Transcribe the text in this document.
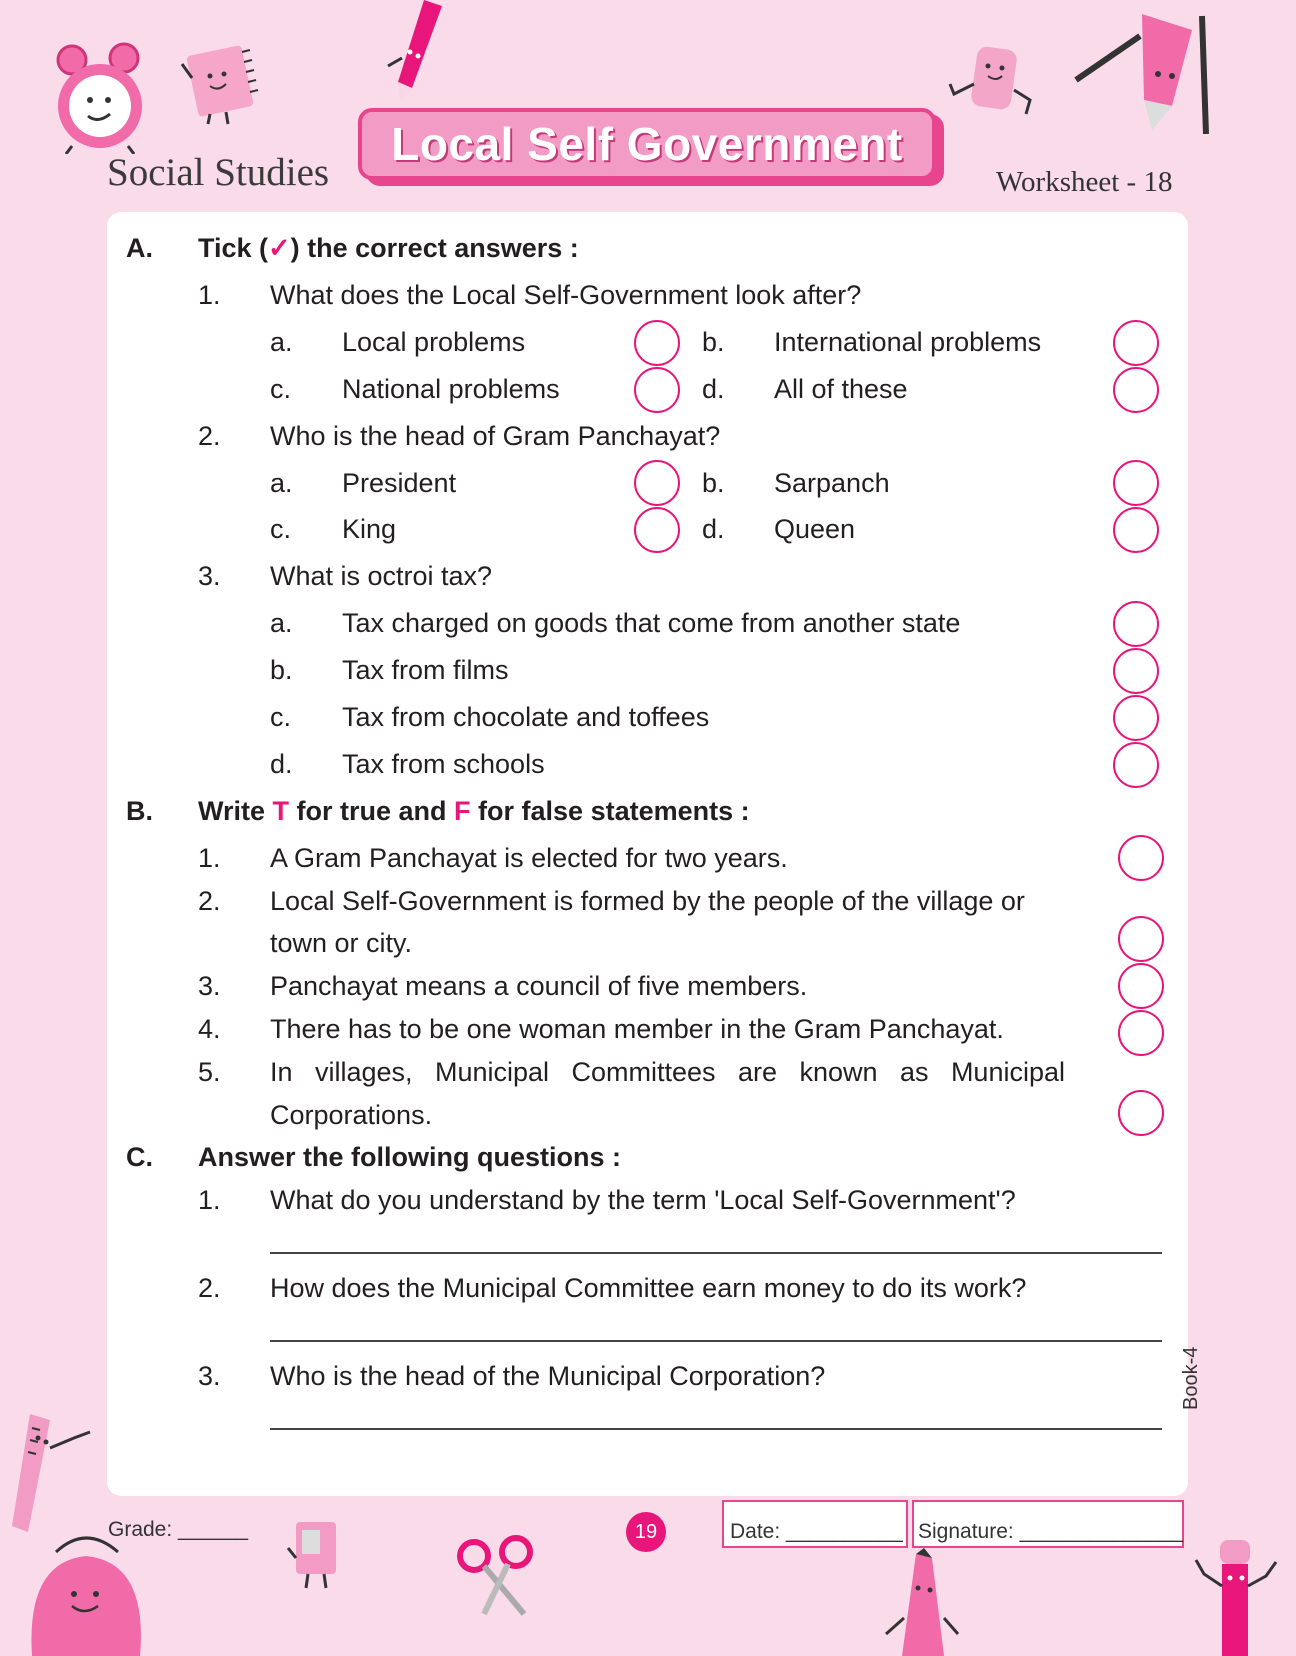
Social Studies
Local Self Government
Worksheet - 18
A. Tick (✓) the correct answers :
1. What does the Local Self-Government look after?
a. Local problems	b. International problems
c. National problems	d. All of these
2. Who is the head of Gram Panchayat?
a. President	b. Sarpanch
c. King	d. Queen
3. What is octroi tax?
a. Tax charged on goods that come from another state
b. Tax from films
c. Tax from chocolate and toffees
d. Tax from schools
B. Write T for true and F for false statements :
1. A Gram Panchayat is elected for two years.
2. Local Self-Government is formed by the people of the village or
town or city.
3. Panchayat means a council of five members.
4. There has to be one woman member in the Gram Panchayat.
5. In villages, Municipal Committees are known as Municipal
Corporations.
C. Answer the following questions :
1. What do you understand by the term 'Local Self-Government'?
2. How does the Municipal Committee earn money to do its work?
3. Who is the head of the Municipal Corporation?
Grade: ______	19	Date: __________ Signature: ______________
Book-4
